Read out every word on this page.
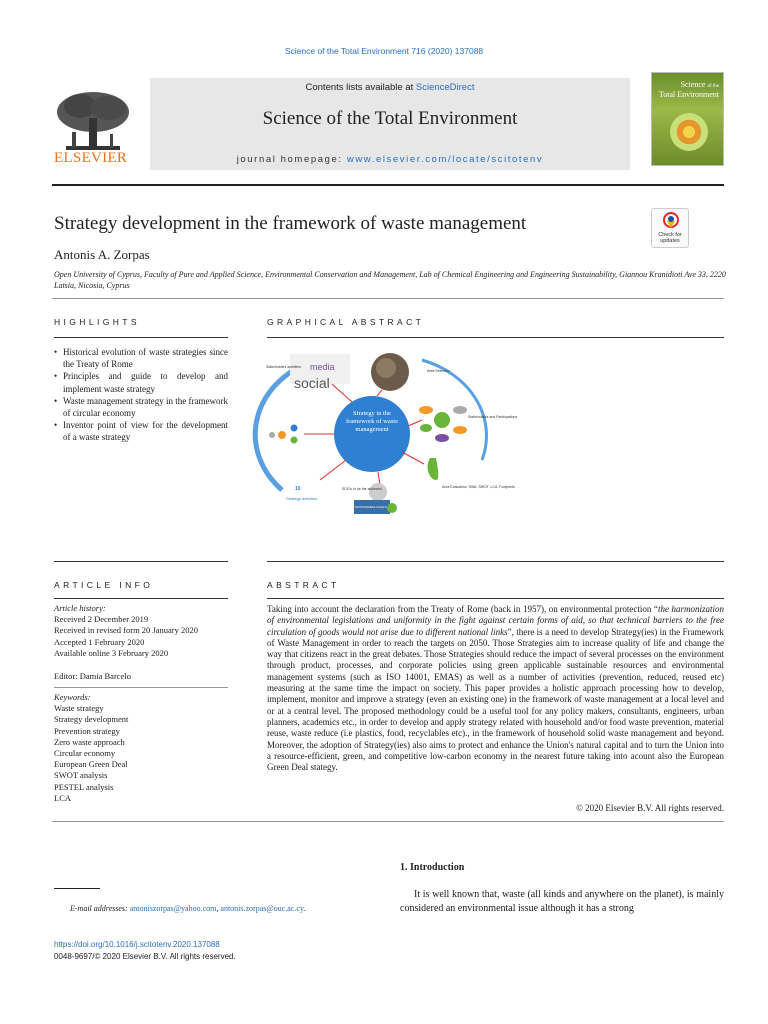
Science of the Total Environment 716 (2020) 137088
ELSEVIER
Contents lists available at ScienceDirect
Science of the Total Environment
journal homepage: www.elsevier.com/locate/scitotenv
Science of the
Total Environment
Strategy development in the framework of waste management
Check for
updates
Antonis A. Zorpas
Open University of Cyprus, Faculty of Pure and Applied Science, Environmental Conservation and Management, Lab of Chemical Engineering and Engineering Sustainability, Giannou Kranidioti Ave 33, 2220 Latsia, Nicosia, Cyprus
HIGHLIGHTS
• Historical evolution of waste strategies since the Treaty of Rome
• Principles and guide to develop and implement waste strategy
• Waste management strategy in the framework of circular economy
• Inventor point of view for the development of a waste strategy
GRAPHICAL ABSTRACT
social
media
Stakeholders activities
Area Selection
Strategy in the framework of waste management
Stakeholders and Participations
Area Evaluation, SWA, SWOT, LCA, Footprints
SUSTAINABLE GOALS
SDG's to be the achieved
10
Strategy activities
ARTICLE INFO
Article history:
Received 2 December 2019
Received in revised form 20 January 2020
Accepted 1 February 2020
Available online 3 February 2020
Editor: Damia Barcelo
Keywords:
Waste strategy
Strategy development
Prevention strategy
Zero waste approach
Circular economy
European Green Deal
SWOT analysis
PESTEL analysis
LCA
ABSTRACT
Taking into account the declaration from the Treaty of Rome (back in 1957), on environmental protection “the harmonization of environmental legislations and uniformity in the fight against certain forms of aid, so that technical barriers to the free circulation of goods would not arise due to different national links”, there is a need to develop Strategy(ies) in the Framework of Waste Management in order to reach the targets on 2050. Those Strategies aim to increase quality of life and change the way that citizens react in the great debates. Those Strategies should reduce the impact of several processes on the environment through product, processes, and corporate policies using green applicable sustainable resources and environmental management systems (such as ISO 14001, EMAS) as well as a number of activities (prevention, reduced, reused etc) measuring at the same time the impact on society. This paper provides a holistic approach processing how to develop, implement, monitor and improve a strategy (even an existing one) in the framework of waste management at a local level and or at a central level. The proposed methodology could be a useful tool for any policy makers, consultants, engineers, urban planners, academics etc., in order to develop and apply strategy related with household and/or food waste prevention, material reuse, waste reduce (i.e plastics, food, recyclables etc)., in the framework of household solid waste management and beyond. Moreover, the adoption of Strategy(ies) also aims to protect and enhance the Union's natural capital and to turn the Union into a resource-efficient, green, and competitive low-carbon economy in the nearest future taking into acount also the European Green Deal stategy.
© 2020 Elsevier B.V. All rights reserved.
1. Introduction
It is well known that, waste (all kinds and anywhere on the planet), is mainly considered an environmental issue although it has a strong
E-mail addresses: antoniszorpas@yahoo.com, antonis.zorpas@ouc.ac.cy.
https://doi.org/10.1016/j.scitotenv.2020.137088
0048-9697/© 2020 Elsevier B.V. All rights reserved.
